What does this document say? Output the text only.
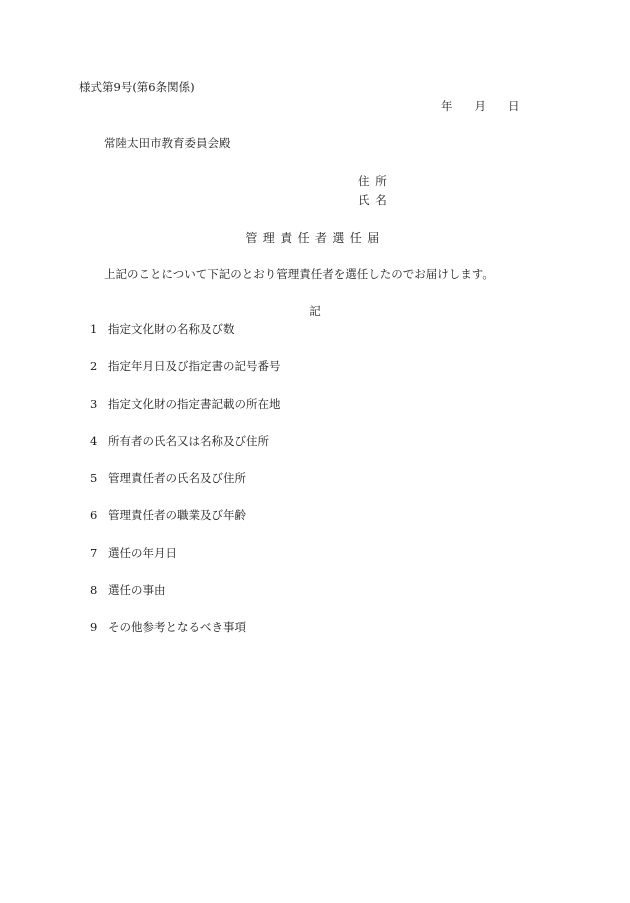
様式第9号(第6条関係)
年 月 日
常陸太田市教育委員会殿
住所
氏名
管理責任者選任届
上記のことについて下記のとおり管理責任者を選任したのでお届けします。
記
1 指定文化財の名称及び数
2 指定年月日及び指定書の記号番号
3 指定文化財の指定書記載の所在地
4 所有者の氏名又は名称及び住所
5 管理責任者の氏名及び住所
6 管理責任者の職業及び年齢
7 選任の年月日
8 選任の事由
9 その他参考となるべき事項
